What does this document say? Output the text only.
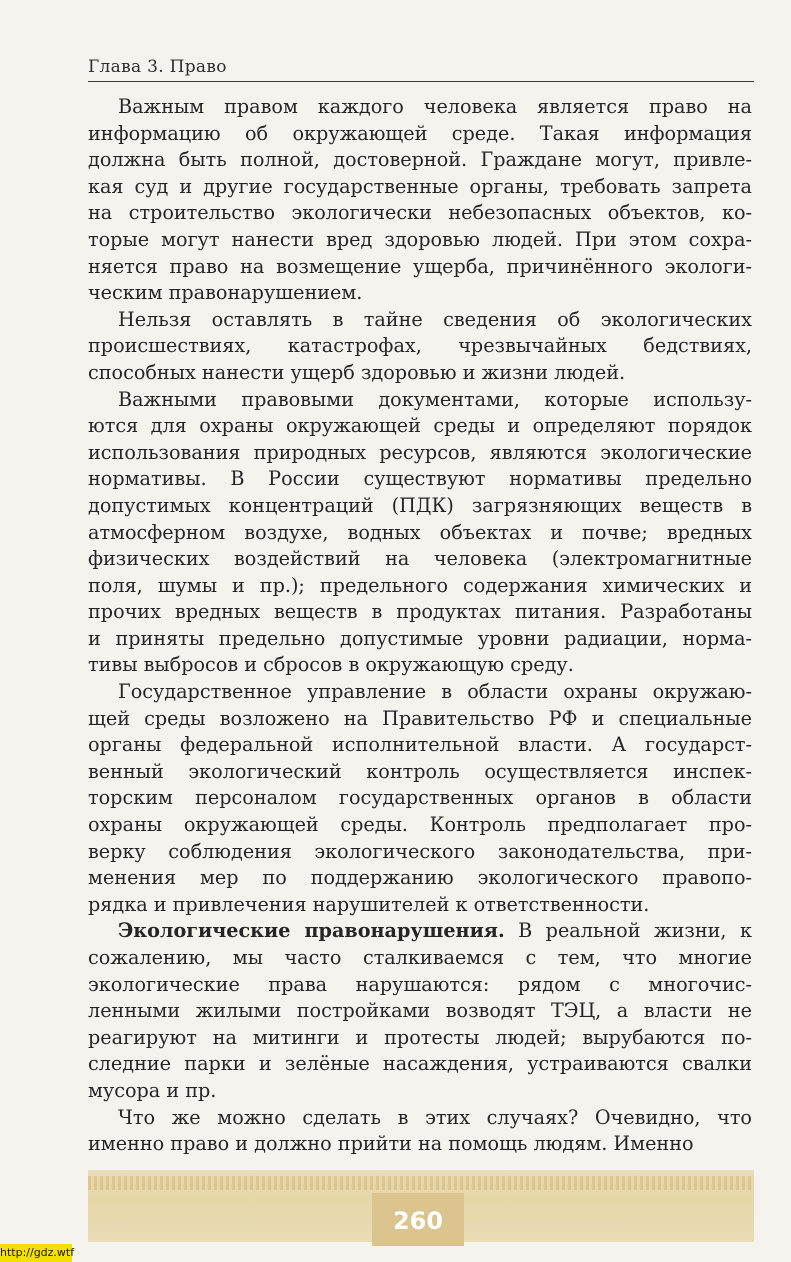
Глава 3. Право
Важным правом каждого человека является право на
информацию об окружающей среде. Такая информация
должна быть полной, достоверной. Граждане могут, привле-
кая суд и другие государственные органы, требовать запрета
на строительство экологически небезопасных объектов, ко-
торые могут нанести вред здоровью людей. При этом сохра-
няется право на возмещение ущерба, причинённого экологи-
ческим правонарушением.
Нельзя оставлять в тайне сведения об экологических
происшествиях, катастрофах, чрезвычайных бедствиях,
способных нанести ущерб здоровью и жизни людей.
Важными правовыми документами, которые использу-
ются для охраны окружающей среды и определяют порядок
использования природных ресурсов, являются экологические
нормативы. В России существуют нормативы предельно
допустимых концентраций (ПДК) загрязняющих веществ в
атмосферном воздухе, водных объектах и почве; вредных
физических воздействий на человека (электромагнитные
поля, шумы и пр.); предельного содержания химических и
прочих вредных веществ в продуктах питания. Разработаны
и приняты предельно допустимые уровни радиации, норма-
тивы выбросов и сбросов в окружающую среду.
Государственное управление в области охраны окружаю-
щей среды возложено на Правительство РФ и специальные
органы федеральной исполнительной власти. А государст-
венный экологический контроль осуществляется инспек-
торским персоналом государственных органов в области
охраны окружающей среды. Контроль предполагает про-
верку соблюдения экологического законодательства, при-
менения мер по поддержанию экологического правопо-
рядка и привлечения нарушителей к ответственности.
Экологические правонарушения. В реальной жизни, к
сожалению, мы часто сталкиваемся с тем, что многие
экологические права нарушаются: рядом с многочис-
ленными жилыми постройками возводят ТЭЦ, а власти не
реагируют на митинги и протесты людей; вырубаются по-
следние парки и зелёные насаждения, устраиваются свалки
мусора и пр.
Что же можно сделать в этих случаях? Очевидно, что
именно право и должно прийти на помощь людям. Именно
260
http://gdz.wtf
